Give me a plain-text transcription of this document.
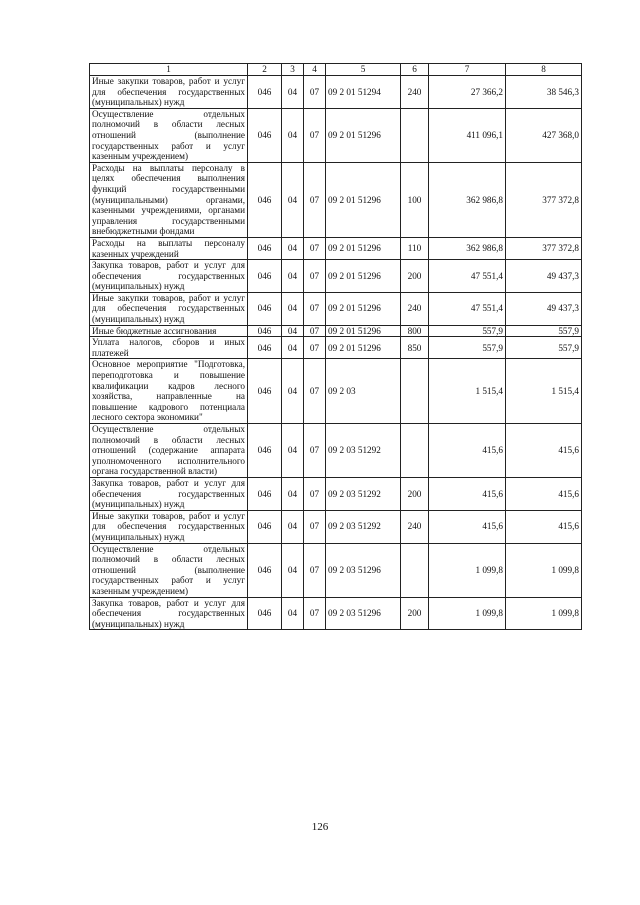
1	2	3	4	5	6	7	8
Иные закупки товаров, работ и услуг для обеспечения государственных (муниципальных) нужд	046	04	07	09 2 01 51294	240	27 366,2	38 546,3
Осуществление отдельных полномочий в области лесных отношений (выполнение государственных работ и услуг казенным учреждением)	046	04	07	09 2 01 51296		411 096,1	427 368,0
Расходы на выплаты персоналу в целях обеспечения выполнения функций государственными (муниципальными) органами, казенными учреждениями, органами управления государственными внебюджетными фондами	046	04	07	09 2 01 51296	100	362 986,8	377 372,8
Расходы на выплаты персоналу казенных учреждений	046	04	07	09 2 01 51296	110	362 986,8	377 372,8
Закупка товаров, работ и услуг для обеспечения государственных (муниципальных) нужд	046	04	07	09 2 01 51296	200	47 551,4	49 437,3
Иные закупки товаров, работ и услуг для обеспечения государственных (муниципальных) нужд	046	04	07	09 2 01 51296	240	47 551,4	49 437,3
Иные бюджетные ассигнования	046	04	07	09 2 01 51296	800	557,9	557,9
Уплата налогов, сборов и иных платежей	046	04	07	09 2 01 51296	850	557,9	557,9
Основное мероприятие "Подготовка, переподготовка и повышение квалификации кадров лесного хозяйства, направленные на повышение кадрового потенциала лесного сектора экономики"	046	04	07	09 2 03		1 515,4	1 515,4
Осуществление отдельных полномочий в области лесных отношений (содержание аппарата уполномоченного исполнительного органа государственной власти)	046	04	07	09 2 03 51292		415,6	415,6
Закупка товаров, работ и услуг для обеспечения государственных (муниципальных) нужд	046	04	07	09 2 03 51292	200	415,6	415,6
Иные закупки товаров, работ и услуг для обеспечения государственных (муниципальных) нужд	046	04	07	09 2 03 51292	240	415,6	415,6
Осуществление отдельных полномочий в области лесных отношений (выполнение государственных работ и услуг казенным учреждением)	046	04	07	09 2 03 51296		1 099,8	1 099,8
Закупка товаров, работ и услуг для обеспечения государственных (муниципальных) нужд	046	04	07	09 2 03 51296	200	1 099,8	1 099,8
126
